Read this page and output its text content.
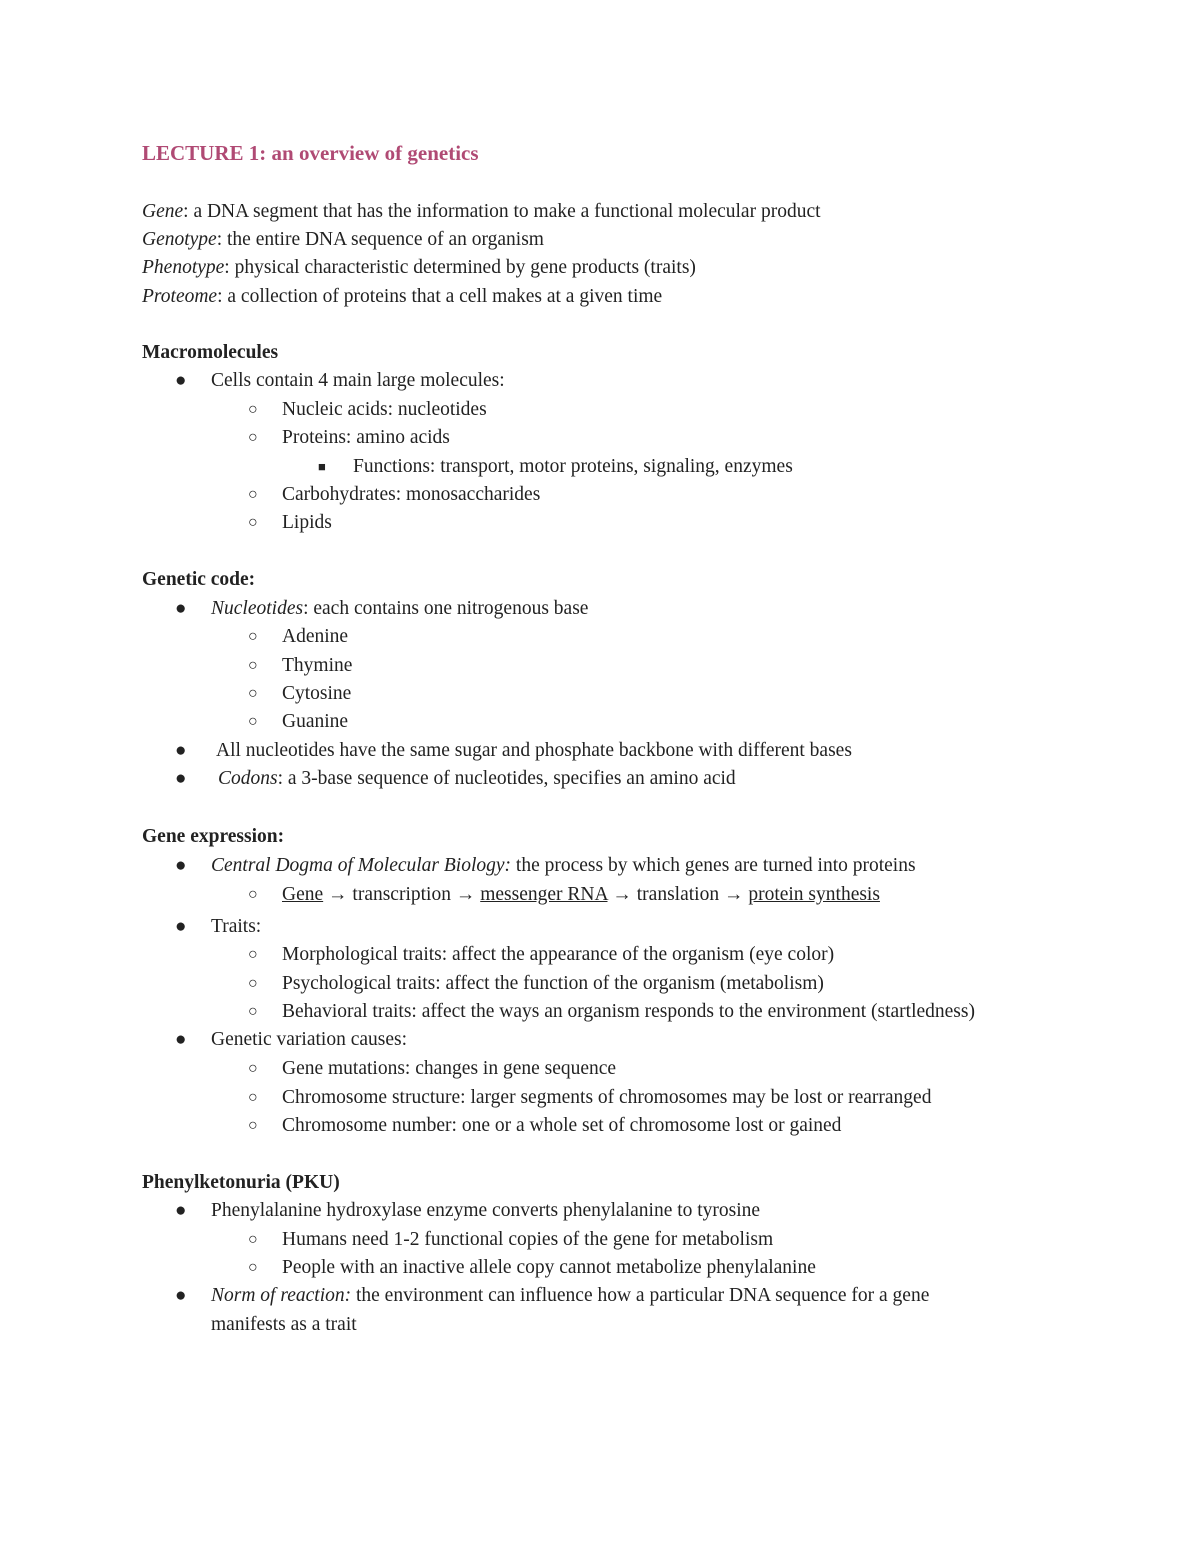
LECTURE 1: an overview of genetics
Gene: a DNA segment that has the information to make a functional molecular product
Genotype: the entire DNA sequence of an organism
Phenotype: physical characteristic determined by gene products (traits)
Proteome: a collection of proteins that a cell makes at a given time
Macromolecules
● Cells contain 4 main large molecules:
○ Nucleic acids: nucleotides
○ Proteins: amino acids
■ Functions: transport, motor proteins, signaling, enzymes
○ Carbohydrates: monosaccharides
○ Lipids
Genetic code:
● Nucleotides: each contains one nitrogenous base
○ Adenine
○ Thymine
○ Cytosine
○ Guanine
● All nucleotides have the same sugar and phosphate backbone with different bases
● Codons: a 3-base sequence of nucleotides, specifies an amino acid
Gene expression:
● Central Dogma of Molecular Biology: the process by which genes are turned into proteins
○ Gene → transcription → messenger RNA → translation → protein synthesis
● Traits:
○ Morphological traits: affect the appearance of the organism (eye color)
○ Psychological traits: affect the function of the organism (metabolism)
○ Behavioral traits: affect the ways an organism responds to the environment (startledness)
● Genetic variation causes:
○ Gene mutations: changes in gene sequence
○ Chromosome structure: larger segments of chromosomes may be lost or rearranged
○ Chromosome number: one or a whole set of chromosome lost or gained
Phenylketonuria (PKU)
● Phenylalanine hydroxylase enzyme converts phenylalanine to tyrosine
○ Humans need 1-2 functional copies of the gene for metabolism
○ People with an inactive allele copy cannot metabolize phenylalanine
● Norm of reaction: the environment can influence how a particular DNA sequence for a gene
manifests as a trait
